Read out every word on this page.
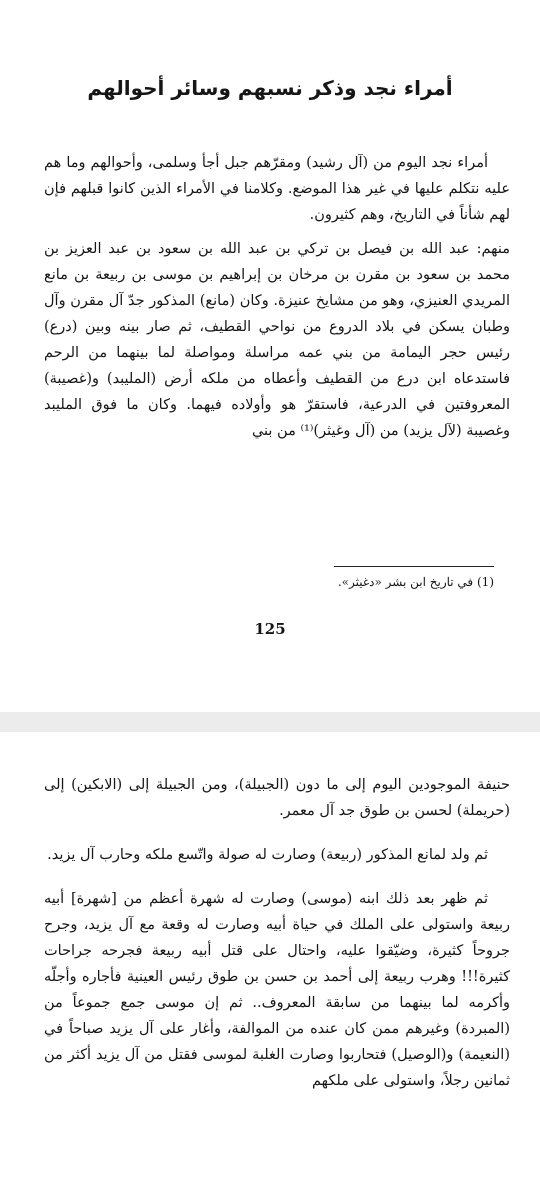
أمراء نجد وذكر نسبهم وسائر أحوالهم

أمراء نجد اليوم من (آل رشيد) ومقرّهم جبل أجأ وسلمى، وأحوالهم وما هم عليه نتكلم عليها في غير هذا الموضع. وكلامنا في الأمراء الذين كانوا قبلهم فإن لهم شأناً في التاريخ، وهم كثيرون.

منهم: عبد الله بن فيصل بن تركي بن عبد الله بن سعود بن عبد العزيز بن محمد بن سعود بن مقرن بن مرخان بن إبراهيم بن موسى بن ربيعة بن مانع المريدي العنيزي، وهو من مشايخ عنيزة. وكان (مانع) المذكور جدّ آل مقرن وآل وطبان يسكن في بلاد الدروع من نواحي القطيف، ثم صار بينه وبين (درع) رئيس حجر اليمامة من بني عمه مراسلة ومواصلة لما بينهما من الرحم فاستدعاه ابن درع من القطيف وأعطاه من ملكه أرض (المليبد) و(غصيبة) المعروفتين في الدرعية، فاستقرّ هو وأولاده فيهما. وكان ما فوق المليبد وغصيبة (لآل يزيد) من (آل وغيثر)⁽¹⁾ من بني

(1) في تاريخ ابن بشر «دغيثر».
125

حنيفة الموجودين اليوم إلى ما دون (الجبيلة)، ومن الجبيلة إلى (الابكين) إلى (حريملة) لحسن بن طوق جد آل معمر.

ثم ولد لمانع المذكور (ربيعة) وصارت له صولة واتّسع ملكه وحارب آل يزيد.

ثم ظهر بعد ذلك ابنه (موسى) وصارت له شهرة أعظم من [شهرة] أبيه ربيعة واستولى على الملك في حياة أبيه وصارت له وقعة مع آل يزيد، وجرح جروحاً كثيرة، وضيّقوا عليه، واحتال على قتل أبيه ربيعة فجرحه جراحات كثيرة!!! وهرب ربيعة إلى أحمد بن حسن بن طوق رئيس العينية فأجاره وأجلّه وأكرمه لما بينهما من سابقة المعروف.. ثم إن موسى جمع جموعاً من (المبردة) وغيرهم ممن كان عنده من الموالفة، وأغار على آل يزيد صباحاً في (النعيمة) و(الوصيل) فتحاربوا وصارت الغلبة لموسى فقتل من آل يزيد أكثر من ثمانين رجلاً، واستولى على ملكهم
